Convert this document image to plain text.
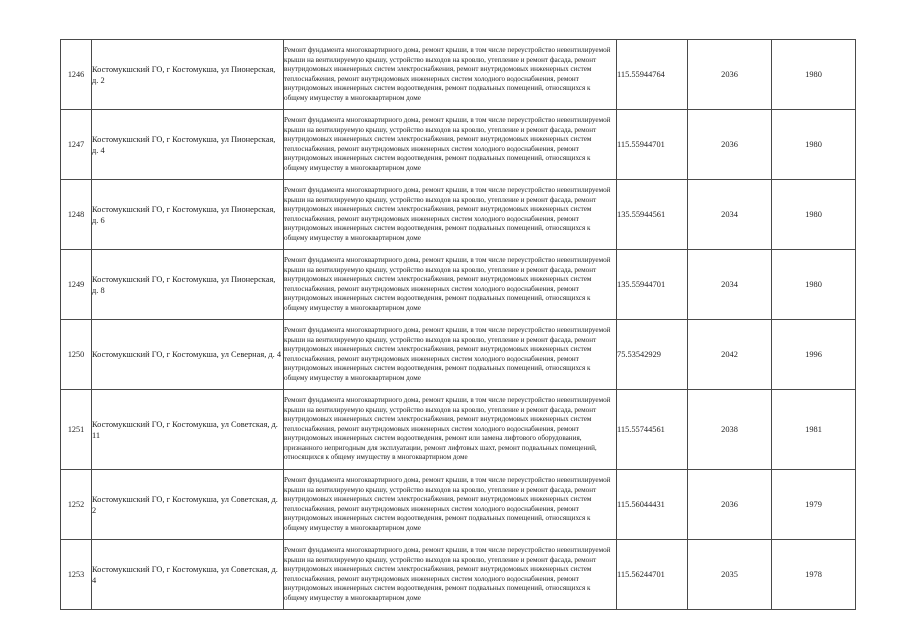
1246	Костомукшский ГО, г Костомукша, ул Пионерская, д. 2	Ремонт фундамента многоквартирного дома, ремонт крыши, в том числе переустройство невентилируемой крыши на вентилируемую крышу, устройство выходов на кровлю, утепление и ремонт фасада, ремонт внутридомовых инженерных систем электроснабжения, ремонт внутридомовых инженерных систем теплоснабжения, ремонт внутридомовых инженерных систем холодного водоснабжения, ремонт внутридомовых инженерных систем водоотведения, ремонт подвальных помещений, относящихся к общему имуществу в многоквартирном доме	115.55944764	2036	1980
1247	Костомукшский ГО, г Костомукша, ул Пионерская, д. 4	Ремонт фундамента многоквартирного дома, ремонт крыши, в том числе переустройство невентилируемой крыши на вентилируемую крышу, устройство выходов на кровлю, утепление и ремонт фасада, ремонт внутридомовых инженерных систем электроснабжения, ремонт внутридомовых инженерных систем теплоснабжения, ремонт внутридомовых инженерных систем холодного водоснабжения, ремонт внутридомовых инженерных систем водоотведения, ремонт подвальных помещений, относящихся к общему имуществу в многоквартирном доме	115.55944701	2036	1980
1248	Костомукшский ГО, г Костомукша, ул Пионерская, д. 6	Ремонт фундамента многоквартирного дома, ремонт крыши, в том числе переустройство невентилируемой крыши на вентилируемую крышу, устройство выходов на кровлю, утепление и ремонт фасада, ремонт внутридомовых инженерных систем электроснабжения, ремонт внутридомовых инженерных систем теплоснабжения, ремонт внутридомовых инженерных систем холодного водоснабжения, ремонт внутридомовых инженерных систем водоотведения, ремонт подвальных помещений, относящихся к общему имуществу в многоквартирном доме	135.55944561	2034	1980
1249	Костомукшский ГО, г Костомукша, ул Пионерская, д. 8	Ремонт фундамента многоквартирного дома, ремонт крыши, в том числе переустройство невентилируемой крыши на вентилируемую крышу, устройство выходов на кровлю, утепление и ремонт фасада, ремонт внутридомовых инженерных систем электроснабжения, ремонт внутридомовых инженерных систем теплоснабжения, ремонт внутридомовых инженерных систем холодного водоснабжения, ремонт внутридомовых инженерных систем водоотведения, ремонт подвальных помещений, относящихся к общему имуществу в многоквартирном доме	135.55944701	2034	1980
1250	Костомукшский ГО, г Костомукша, ул Северная, д. 4	Ремонт фундамента многоквартирного дома, ремонт крыши, в том числе переустройство невентилируемой крыши на вентилируемую крышу, устройство выходов на кровлю, утепление и ремонт фасада, ремонт внутридомовых инженерных систем электроснабжения, ремонт внутридомовых инженерных систем теплоснабжения, ремонт внутридомовых инженерных систем холодного водоснабжения, ремонт внутридомовых инженерных систем водоотведения, ремонт подвальных помещений, относящихся к общему имуществу в многоквартирном доме	75.53542929	2042	1996
1251	Костомукшский ГО, г Костомукша, ул Советская, д. 11	Ремонт фундамента многоквартирного дома, ремонт крыши, в том числе переустройство невентилируемой крыши на вентилируемую крышу, устройство выходов на кровлю, утепление и ремонт фасада, ремонт внутридомовых инженерных систем электроснабжения, ремонт внутридомовых инженерных систем теплоснабжения, ремонт внутридомовых инженерных систем холодного водоснабжения, ремонт внутридомовых инженерных систем водоотведения, ремонт или замена лифтового оборудования, признанного непригодным для эксплуатации, ремонт лифтовых шахт, ремонт подвальных помещений, относящихся к общему имуществу в многоквартирном доме	115.55744561	2038	1981
1252	Костомукшский ГО, г Костомукша, ул Советская, д. 2	Ремонт фундамента многоквартирного дома, ремонт крыши, в том числе переустройство невентилируемой крыши на вентилируемую крышу, устройство выходов на кровлю, утепление и ремонт фасада, ремонт внутридомовых инженерных систем электроснабжения, ремонт внутридомовых инженерных систем теплоснабжения, ремонт внутридомовых инженерных систем холодного водоснабжения, ремонт внутридомовых инженерных систем водоотведения, ремонт подвальных помещений, относящихся к общему имуществу в многоквартирном доме	115.56044431	2036	1979
1253	Костомукшский ГО, г Костомукша, ул Советская, д. 4	Ремонт фундамента многоквартирного дома, ремонт крыши, в том числе переустройство невентилируемой крыши на вентилируемую крышу, устройство выходов на кровлю, утепление и ремонт фасада, ремонт внутридомовых инженерных систем электроснабжения, ремонт внутридомовых инженерных систем теплоснабжения, ремонт внутридомовых инженерных систем холодного водоснабжения, ремонт внутридомовых инженерных систем водоотведения, ремонт подвальных помещений, относящихся к общему имуществу в многоквартирном доме	115.56244701	2035	1978
